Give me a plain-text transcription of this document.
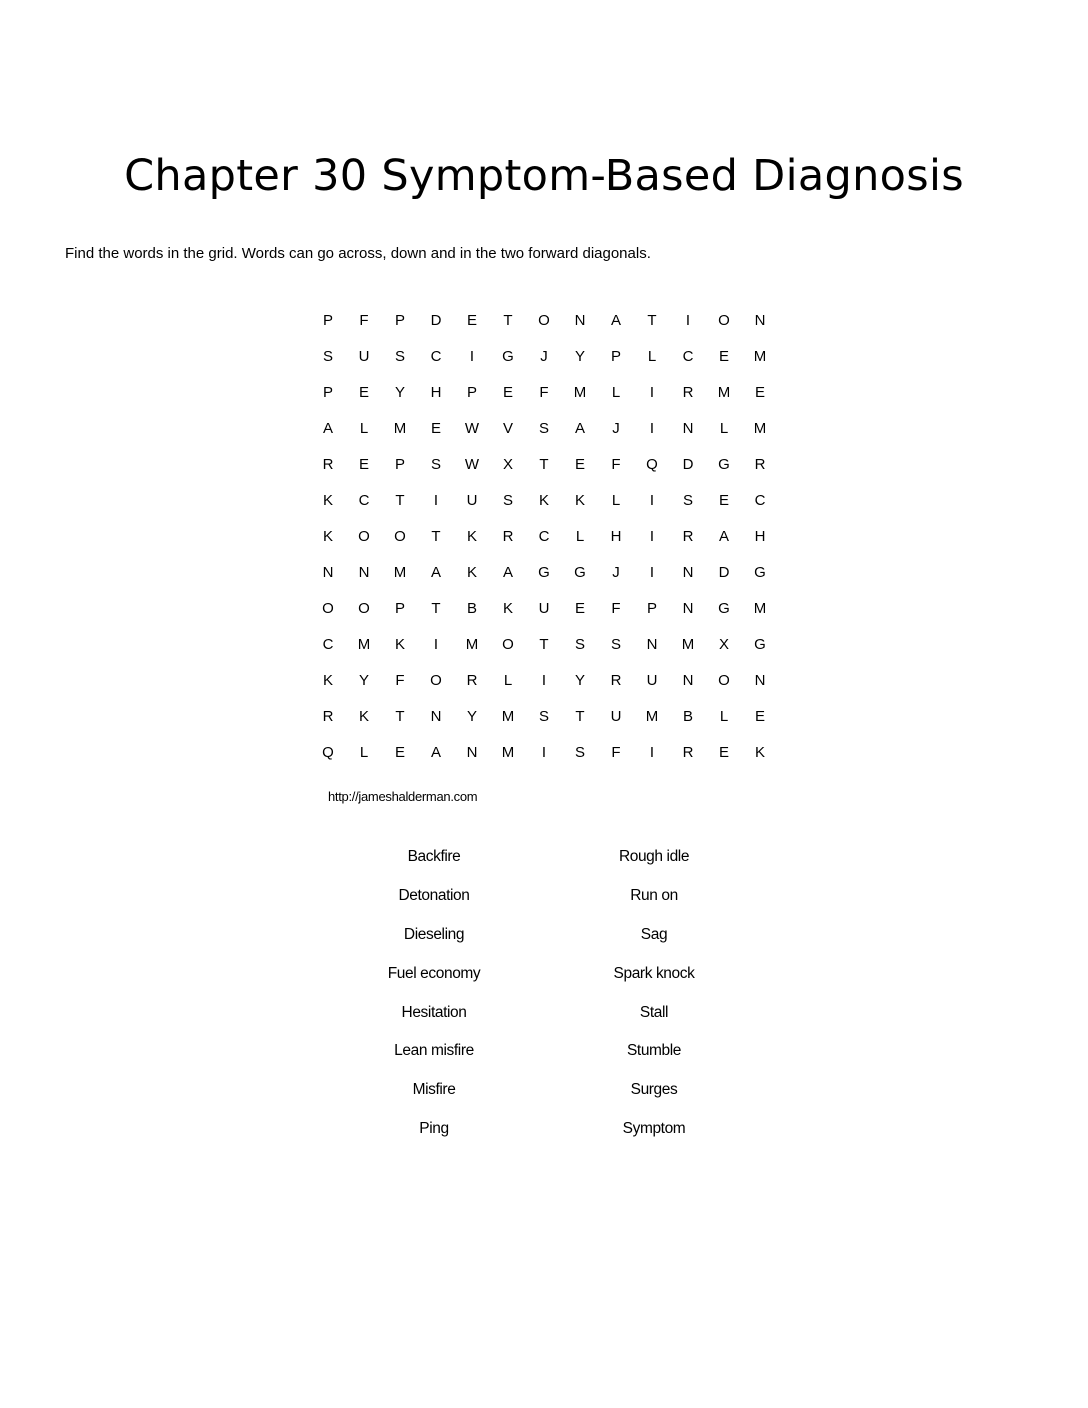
Chapter 30 Symptom-Based Diagnosis

Find the words in the grid. Words can go across, down and in the two forward diagonals.

P	F	P	D	E	T	O	N	A	T	I	O	N
S	U	S	C	I	G	J	Y	P	L	C	E	M
P	E	Y	H	P	E	F	M	L	I	R	M	E
A	L	M	E	W	V	S	A	J	I	N	L	M
R	E	P	S	W	X	T	E	F	Q	D	G	R
K	C	T	I	U	S	K	K	L	I	S	E	C
K	O	O	T	K	R	C	L	H	I	R	A	H
N	N	M	A	K	A	G	G	J	I	N	D	G
O	O	P	T	B	K	U	E	F	P	N	G	M
C	M	K	I	M	O	T	S	S	N	M	X	G
K	Y	F	O	R	L	I	Y	R	U	N	O	N
R	K	T	N	Y	M	S	T	U	M	B	L	E
Q	L	E	A	N	M	I	S	F	I	R	E	K

http://jameshalderman.com

Backfire
Detonation
Dieseling
Fuel economy
Hesitation
Lean misfire
Misfire
Ping
Rough idle
Run on
Sag
Spark knock
Stall
Stumble
Surges
Symptom
